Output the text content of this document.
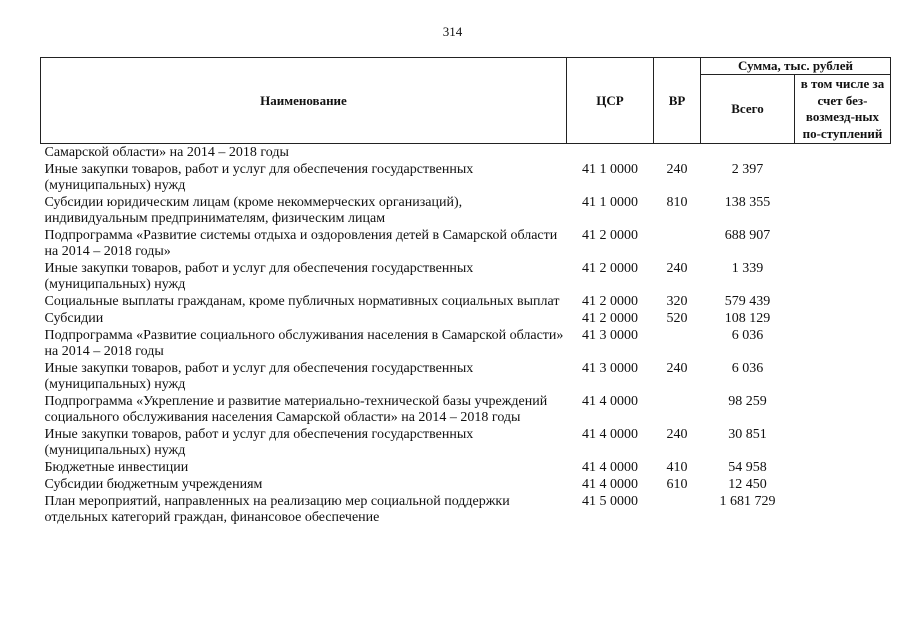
314
Наименование	ЦСР	ВР	Сумма, тыс. рублей	
			Всего	в том числе за счет без-возмезд-ных по-ступлений
Самарской области» на 2014 – 2018 годы				
Иные закупки товаров, работ и услуг для обеспечения государственных (муниципальных) нужд	41 1 0000	240	2 397	
Субсидии юридическим лицам (кроме некоммерческих организаций), индивидуальным предпринимателям, физическим лицам	41 1 0000	810	138 355	
Подпрограмма «Развитие системы отдыха и оздоровления детей в Самарской области на 2014 – 2018 годы»	41 2 0000		688 907	
Иные закупки товаров, работ и услуг для обеспечения государственных (муниципальных) нужд	41 2 0000	240	1 339	
Социальные выплаты гражданам, кроме публичных нормативных социальных выплат	41 2 0000	320	579 439	
Субсидии	41 2 0000	520	108 129	
Подпрограмма «Развитие социального обслуживания населения в Самарской области» на 2014 – 2018 годы	41 3 0000		6 036	
Иные закупки товаров, работ и услуг для обеспечения государственных (муниципальных) нужд	41 3 0000	240	6 036	
Подпрограмма «Укрепление и развитие материально-технической базы учреждений социального обслуживания населения Самарской области» на 2014 – 2018 годы	41 4 0000		98 259	
Иные закупки товаров, работ и услуг для обеспечения государственных (муниципальных) нужд	41 4 0000	240	30 851	
Бюджетные инвестиции	41 4 0000	410	54 958	
Субсидии бюджетным учреждениям	41 4 0000	610	12 450	
План мероприятий, направленных на реализацию мер социальной поддержки отдельных категорий граждан, финансовое обеспечение	41 5 0000		1 681 729	
